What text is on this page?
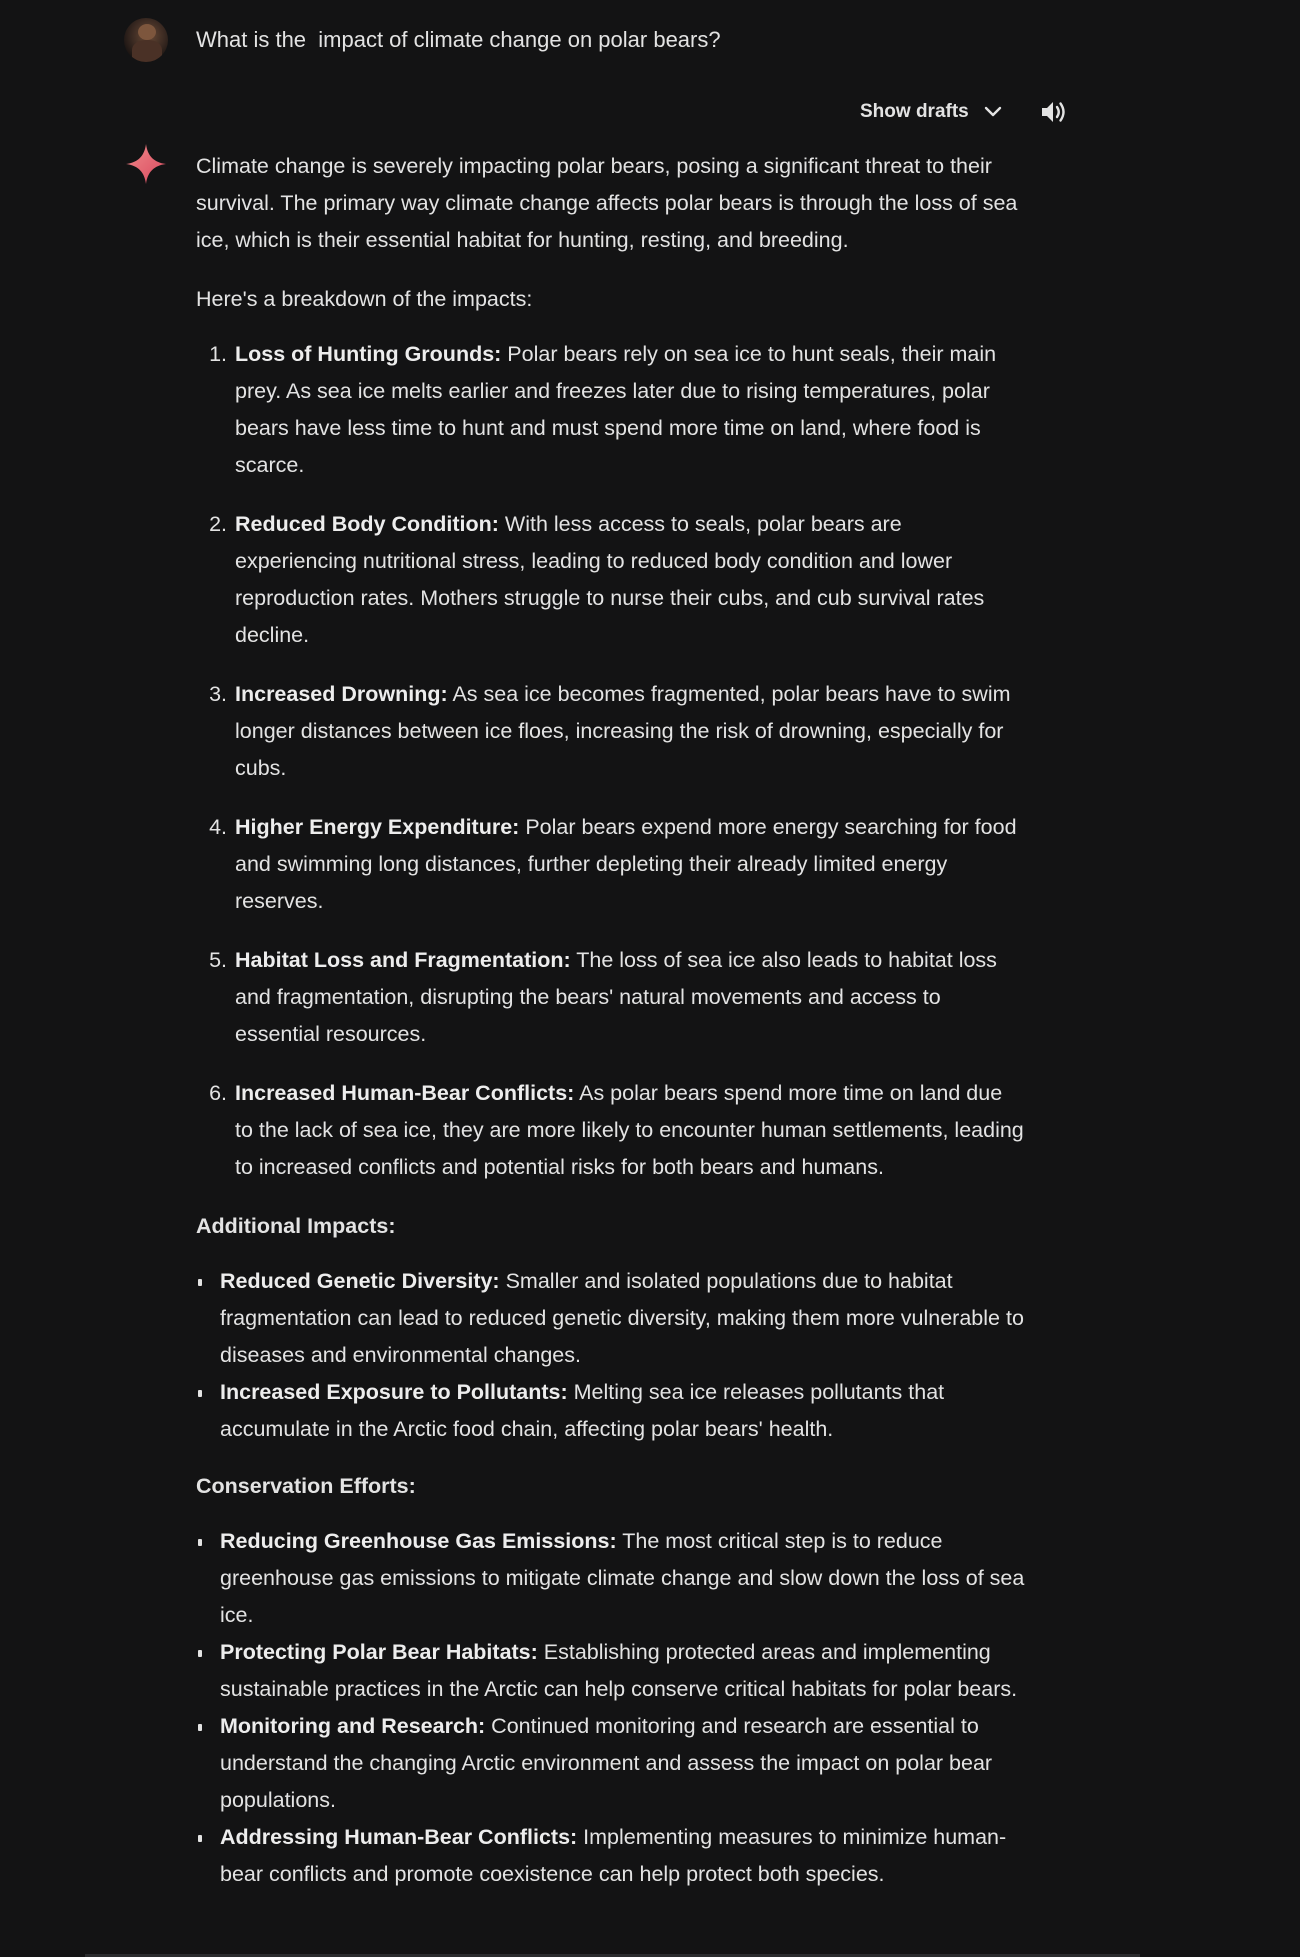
What is the  impact of climate change on polar bears?
Show drafts

Climate change is severely impacting polar bears, posing a significant threat to their survival. The primary way climate change affects polar bears is through the loss of sea ice, which is their essential habitat for hunting, resting, and breeding.

Here's a breakdown of the impacts:

1. Loss of Hunting Grounds: Polar bears rely on sea ice to hunt seals, their main prey. As sea ice melts earlier and freezes later due to rising temperatures, polar bears have less time to hunt and must spend more time on land, where food is scarce.
2. Reduced Body Condition: With less access to seals, polar bears are experiencing nutritional stress, leading to reduced body condition and lower reproduction rates. Mothers struggle to nurse their cubs, and cub survival rates decline.
3. Increased Drowning: As sea ice becomes fragmented, polar bears have to swim longer distances between ice floes, increasing the risk of drowning, especially for cubs.
4. Higher Energy Expenditure: Polar bears expend more energy searching for food and swimming long distances, further depleting their already limited energy reserves.
5. Habitat Loss and Fragmentation: The loss of sea ice also leads to habitat loss and fragmentation, disrupting the bears' natural movements and access to essential resources.
6. Increased Human-Bear Conflicts: As polar bears spend more time on land due to the lack of sea ice, they are more likely to encounter human settlements, leading to increased conflicts and potential risks for both bears and humans.

Additional Impacts:

Reduced Genetic Diversity: Smaller and isolated populations due to habitat fragmentation can lead to reduced genetic diversity, making them more vulnerable to diseases and environmental changes.
Increased Exposure to Pollutants: Melting sea ice releases pollutants that accumulate in the Arctic food chain, affecting polar bears' health.

Conservation Efforts:

Reducing Greenhouse Gas Emissions: The most critical step is to reduce greenhouse gas emissions to mitigate climate change and slow down the loss of sea ice.
Protecting Polar Bear Habitats: Establishing protected areas and implementing sustainable practices in the Arctic can help conserve critical habitats for polar bears.
Monitoring and Research: Continued monitoring and research are essential to understand the changing Arctic environment and assess the impact on polar bear populations.
Addressing Human-Bear Conflicts: Implementing measures to minimize human-bear conflicts and promote coexistence can help protect both species.
